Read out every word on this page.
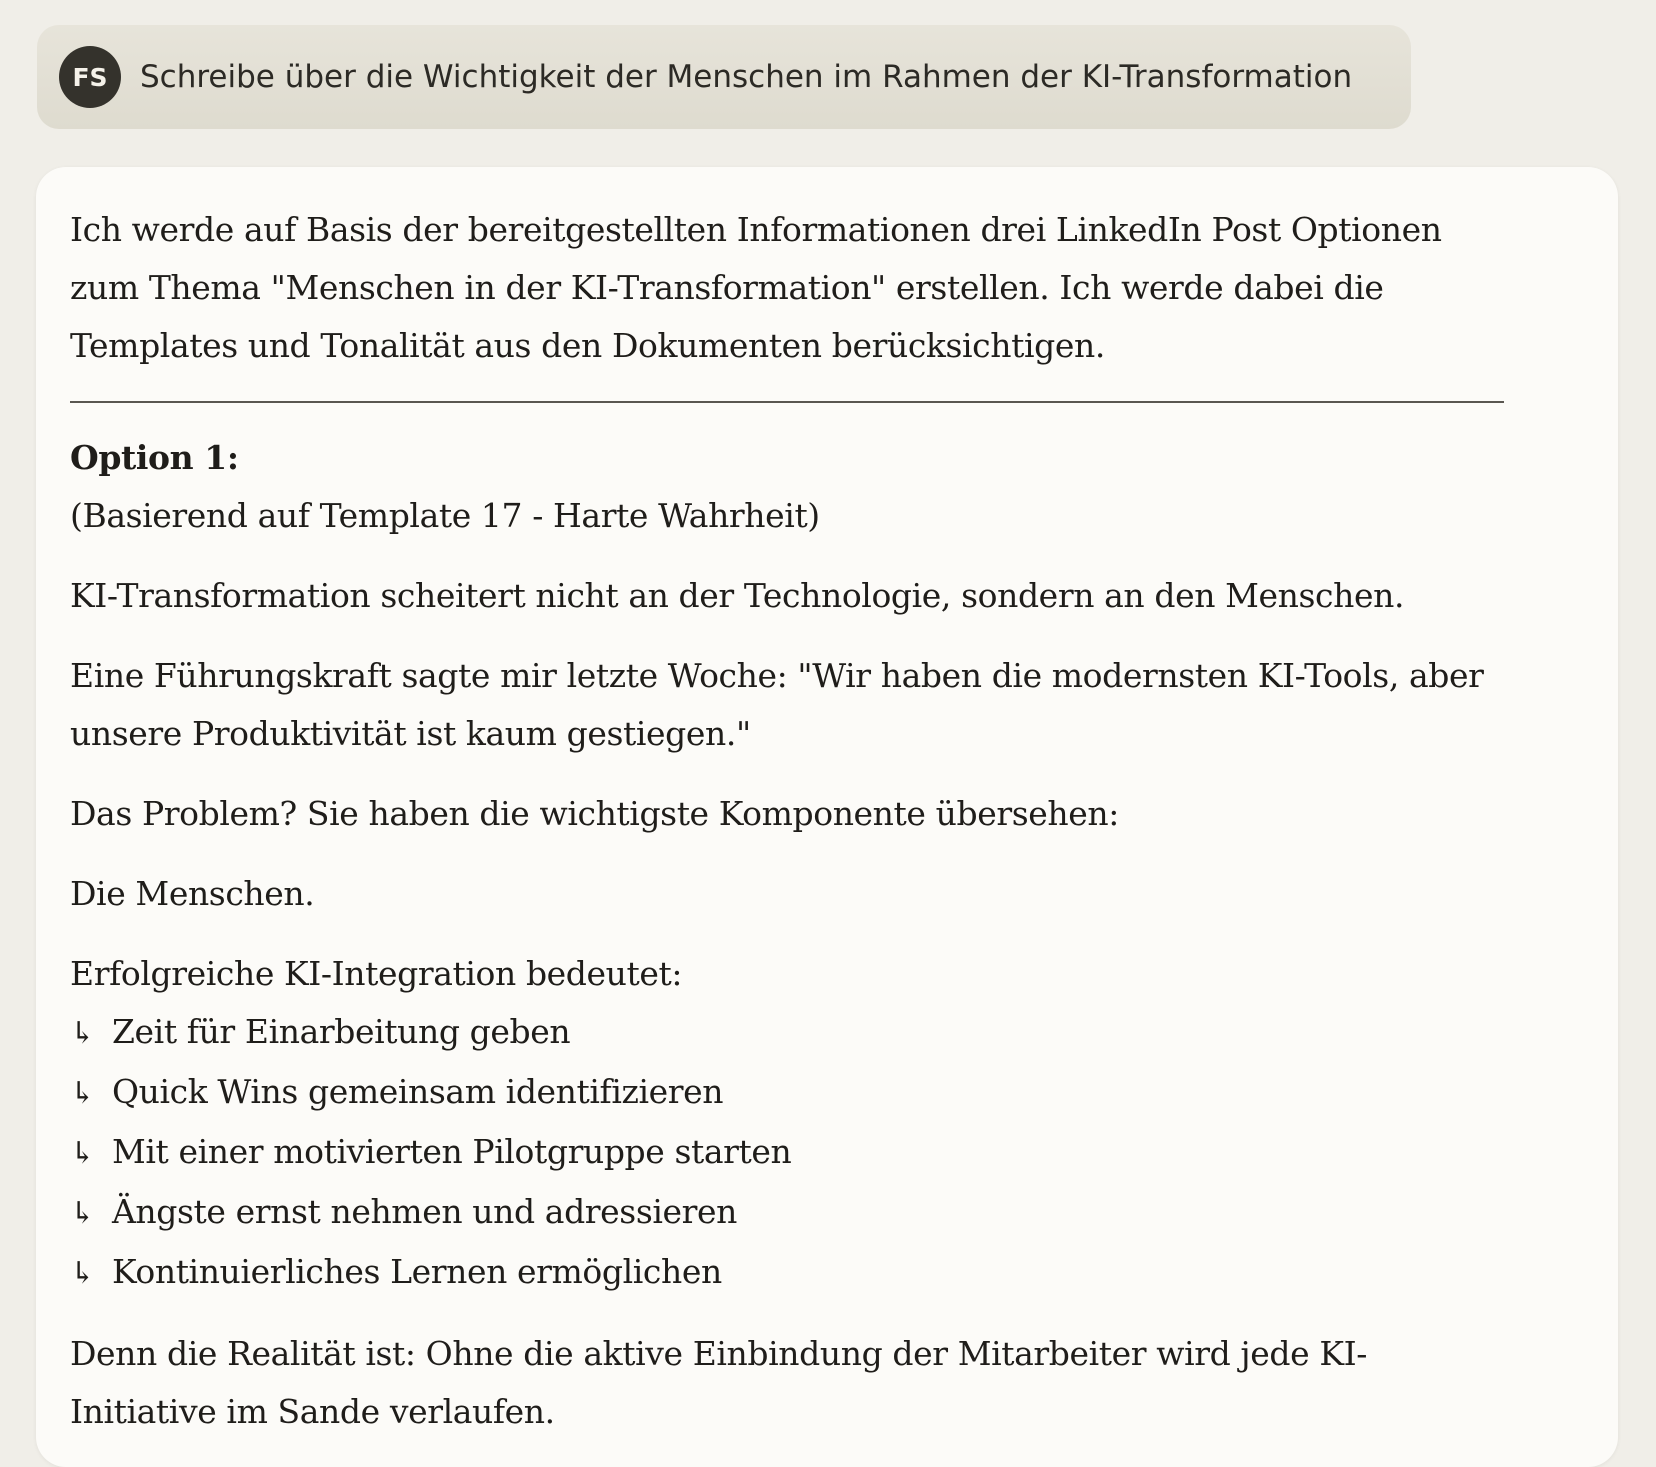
FS	Schreibe über die Wichtigkeit der Menschen im Rahmen der KI-Transformation

Ich werde auf Basis der bereitgestellten Informationen drei LinkedIn Post Optionen zum Thema "Menschen in der KI-Transformation" erstellen. Ich werde dabei die Templates und Tonalität aus den Dokumenten berücksichtigen.

Option 1:

(Basierend auf Template 17 - Harte Wahrheit)

KI-Transformation scheitert nicht an der Technologie, sondern an den Menschen.

Eine Führungskraft sagte mir letzte Woche: "Wir haben die modernsten KI-Tools, aber unsere Produktivität ist kaum gestiegen."

Das Problem? Sie haben die wichtigste Komponente übersehen:

Die Menschen.

Erfolgreiche KI-Integration bedeutet:

↳ Zeit für Einarbeitung geben
↳ Quick Wins gemeinsam identifizieren
↳ Mit einer motivierten Pilotgruppe starten
↳ Ängste ernst nehmen und adressieren
↳ Kontinuierliches Lernen ermöglichen

Denn die Realität ist: Ohne die aktive Einbindung der Mitarbeiter wird jede KI-Initiative im Sande verlaufen.
